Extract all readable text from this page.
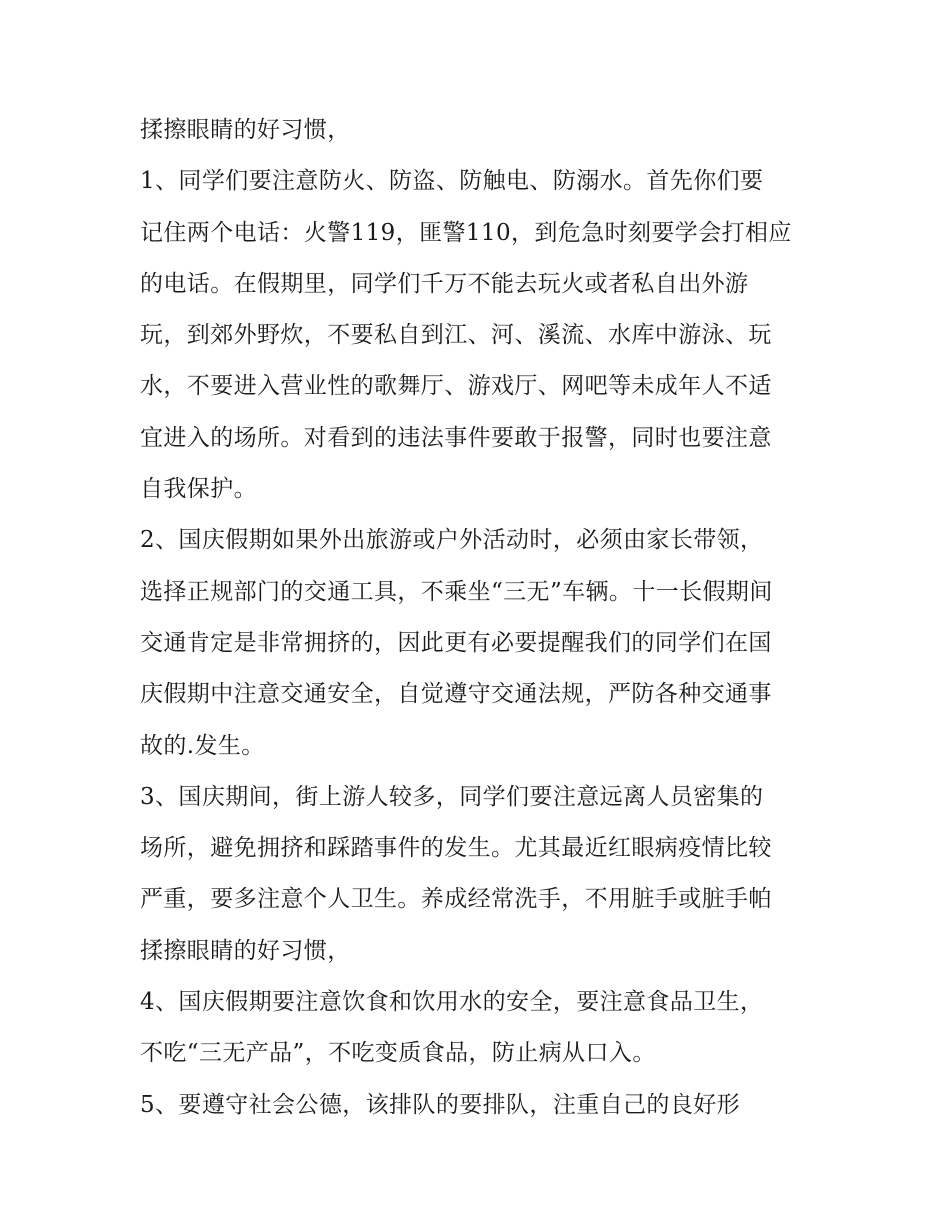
揉擦眼睛的好习惯，

1、同学们要注意防火、防盗、防触电、防溺水。首先你们要

记住两个电话：火警119，匪警110，到危急时刻要学会打相应

的电话。在假期里，同学们千万不能去玩火或者私自出外游

玩，到郊外野炊，不要私自到江、河、溪流、水库中游泳、玩

水，不要进入营业性的歌舞厅、游戏厅、网吧等未成年人不适

宜进入的场所。对看到的违法事件要敢于报警，同时也要注意

自我保护。

2、国庆假期如果外出旅游或户外活动时，必须由家长带领，

选择正规部门的交通工具，不乘坐“三无”车辆。十一长假期间

交通肯定是非常拥挤的，因此更有必要提醒我们的同学们在国

庆假期中注意交通安全，自觉遵守交通法规，严防各种交通事

故的.发生。

3、国庆期间，街上游人较多，同学们要注意远离人员密集的

场所，避免拥挤和踩踏事件的发生。尤其最近红眼病疫情比较

严重，要多注意个人卫生。养成经常洗手，不用脏手或脏手帕

揉擦眼睛的好习惯，

4、国庆假期要注意饮食和饮用水的安全，要注意食品卫生，

不吃“三无产品”，不吃变质食品，防止病从口入。

5、要遵守社会公德，该排队的要排队，注重自己的良好形
